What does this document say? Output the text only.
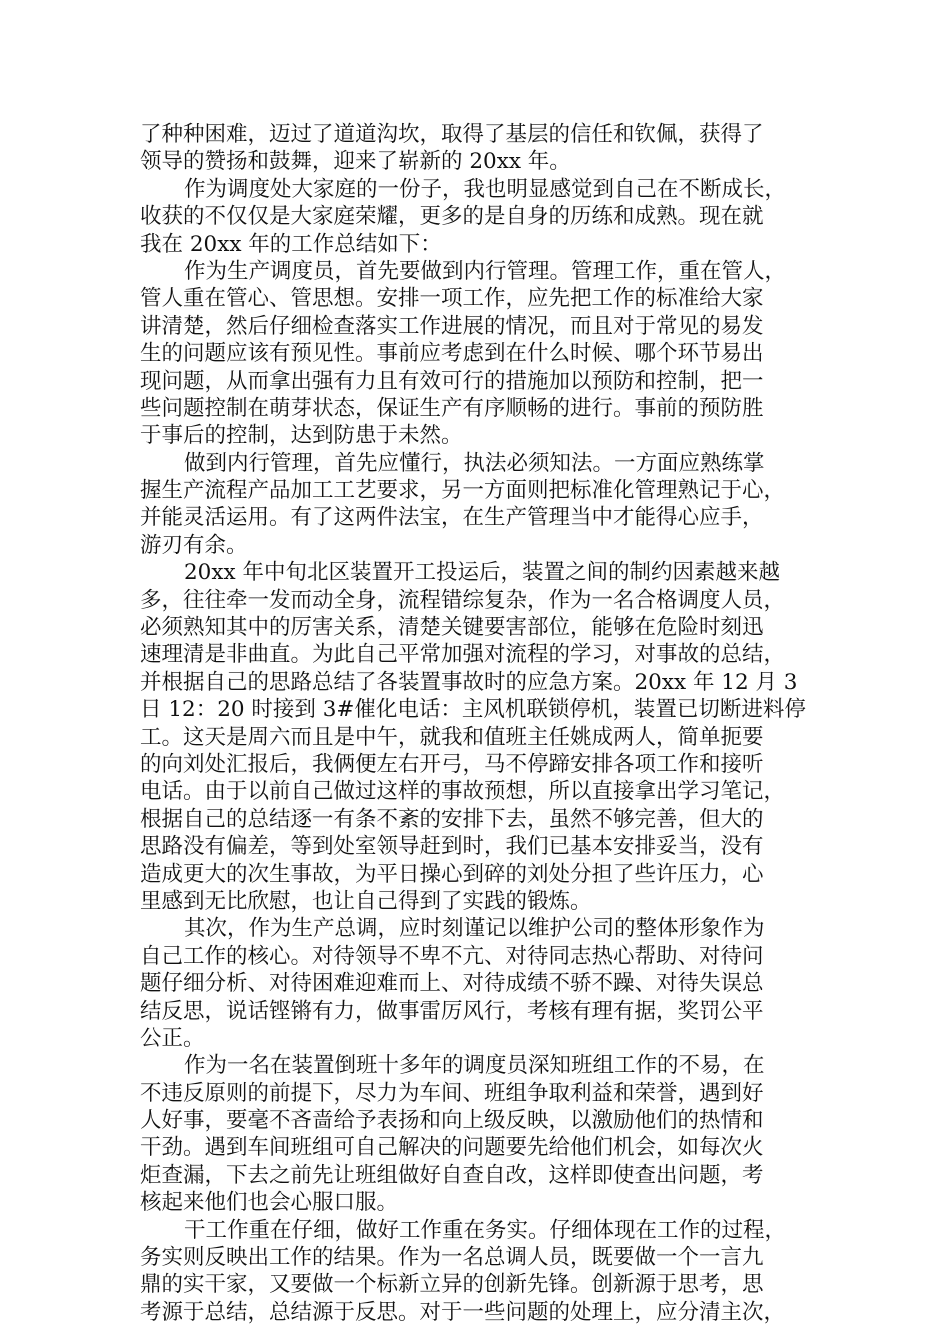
了种种困难，迈过了道道沟坎，取得了基层的信任和钦佩，获得了
领导的赞扬和鼓舞，迎来了崭新的 20xx 年。
作为调度处大家庭的一份子，我也明显感觉到自己在不断成长，
收获的不仅仅是大家庭荣耀，更多的是自身的历练和成熟。现在就
我在 20xx 年的工作总结如下：
作为生产调度员，首先要做到内行管理。管理工作，重在管人，
管人重在管心、管思想。安排一项工作，应先把工作的标准给大家
讲清楚，然后仔细检查落实工作进展的情况，而且对于常见的易发
生的问题应该有预见性。事前应考虑到在什么时候、哪个环节易出
现问题，从而拿出强有力且有效可行的措施加以预防和控制，把一
些问题控制在萌芽状态，保证生产有序顺畅的进行。事前的预防胜
于事后的控制，达到防患于未然。
做到内行管理，首先应懂行，执法必须知法。一方面应熟练掌
握生产流程产品加工工艺要求，另一方面则把标准化管理熟记于心，
并能灵活运用。有了这两件法宝，在生产管理当中才能得心应手，
游刃有余。
20xx 年中旬北区装置开工投运后，装置之间的制约因素越来越
多，往往牵一发而动全身，流程错综复杂，作为一名合格调度人员，
必须熟知其中的厉害关系，清楚关键要害部位，能够在危险时刻迅
速理清是非曲直。为此自己平常加强对流程的学习，对事故的总结，
并根据自己的思路总结了各装置事故时的应急方案。20xx 年 12 月 3
日 12：20 时接到 3#催化电话：主风机联锁停机，装置已切断进料停
工。这天是周六而且是中午，就我和值班主任姚成两人，简单扼要
的向刘处汇报后，我俩便左右开弓，马不停蹄安排各项工作和接听
电话。由于以前自己做过这样的事故预想，所以直接拿出学习笔记，
根据自己的总结逐一有条不紊的安排下去，虽然不够完善，但大的
思路没有偏差，等到处室领导赶到时，我们已基本安排妥当，没有
造成更大的次生事故，为平日操心到碎的刘处分担了些许压力，心
里感到无比欣慰，也让自己得到了实践的锻炼。
其次，作为生产总调，应时刻谨记以维护公司的整体形象作为
自己工作的核心。对待领导不卑不亢、对待同志热心帮助、对待问
题仔细分析、对待困难迎难而上、对待成绩不骄不躁、对待失误总
结反思，说话铿锵有力，做事雷厉风行，考核有理有据，奖罚公平
公正。
作为一名在装置倒班十多年的调度员深知班组工作的不易，在
不违反原则的前提下，尽力为车间、班组争取利益和荣誉，遇到好
人好事，要毫不吝啬给予表扬和向上级反映，以激励他们的热情和
干劲。遇到车间班组可自己解决的问题要先给他们机会，如每次火
炬查漏，下去之前先让班组做好自查自改，这样即使查出问题，考
核起来他们也会心服口服。
干工作重在仔细，做好工作重在务实。仔细体现在工作的过程，
务实则反映出工作的结果。作为一名总调人员，既要做一个一言九
鼎的实干家，又要做一个标新立异的创新先锋。创新源于思考，思
考源于总结，总结源于反思。对于一些问题的处理上，应分清主次，
